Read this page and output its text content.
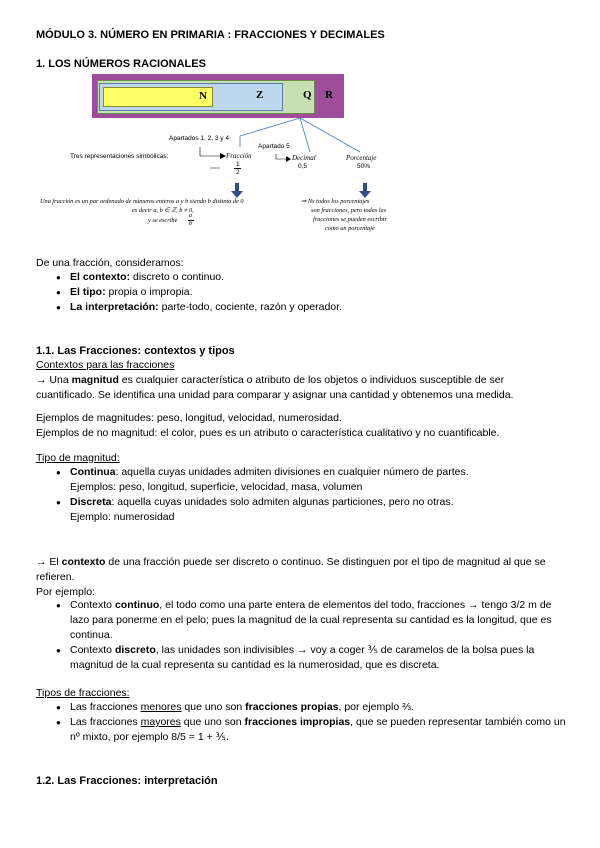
MÓDULO 3. NÚMERO EN PRIMARIA : FRACCIONES Y DECIMALES
1. LOS NÚMEROS RACIONALES
N	Z	Q R
Apartados 1, 2, 3 y 4
Apartado 5
Tres representaciones simbólicas:	Fracción
1
2
Decimal
0,5
Porcentaje
50%
Una fracción es un par ordenado de números enteros a y b siendo b distinto de 0
es decir a, b ∈ ℤ, b ≠ 0,
y se escribe
a
b
⇒ Ns todos los porcentajes
son fracciones, pero todas las
fracciones se pueden escribir
como un porcentaje
De una fracción, consideramos:
● El contexto: discreto o continuo.
● El tipo: propia o impropia.
● La interpretación: parte-todo, cociente, razón y operador.
1.1. Las Fracciones: contextos y tipos
Contextos para las fracciones
→ Una magnitud es cualquier característica o atributo de los objetos o individuos susceptible de ser cuantificado. Se identifica una unidad para comparar y asignar una cantidad y obtenemos una medida.
Ejemplos de magnitudes: peso, longitud, velocidad, numerosidad.
Ejemplos de no magnitud: el color, pues es un atributo o característica cualitativo y no cuantificable.
Tipo de magnitud:
● Continua: aquella cuyas unidades admiten divisiones en cualquier número de partes.
Ejemplos: peso, longitud, superficie, velocidad, masa, volumen
● Discreta: aquella cuyas unidades solo admiten algunas particiones, pero no otras.
Ejemplo: numerosidad
→ El contexto de una fracción puede ser discreto o continuo. Se distinguen por el tipo de magnitud al que se refieren.
Por ejemplo:
● Contexto continuo, el todo como una parte entera de elementos del todo, fracciones → tengo 3/2 m de lazo para ponerme en el pelo; pues la magnitud de la cual representa su cantidad es la longitud, que es continua.
● Contexto discreto, las unidades son indivisibles → voy a coger ⅗ de caramelos de la bolsa pues la magnitud de la cual representa su cantidad es la numerosidad, que es discreta.
Tipos de fracciones:
● Las fracciones menores que uno son fracciones propias, por ejemplo ⅔.
● Las fracciones mayores que uno son fracciones impropias, que se pueden representar también como un nº mixto, por ejemplo 8/5 = 1 + ⅗.
1.2. Las Fracciones: interpretación
